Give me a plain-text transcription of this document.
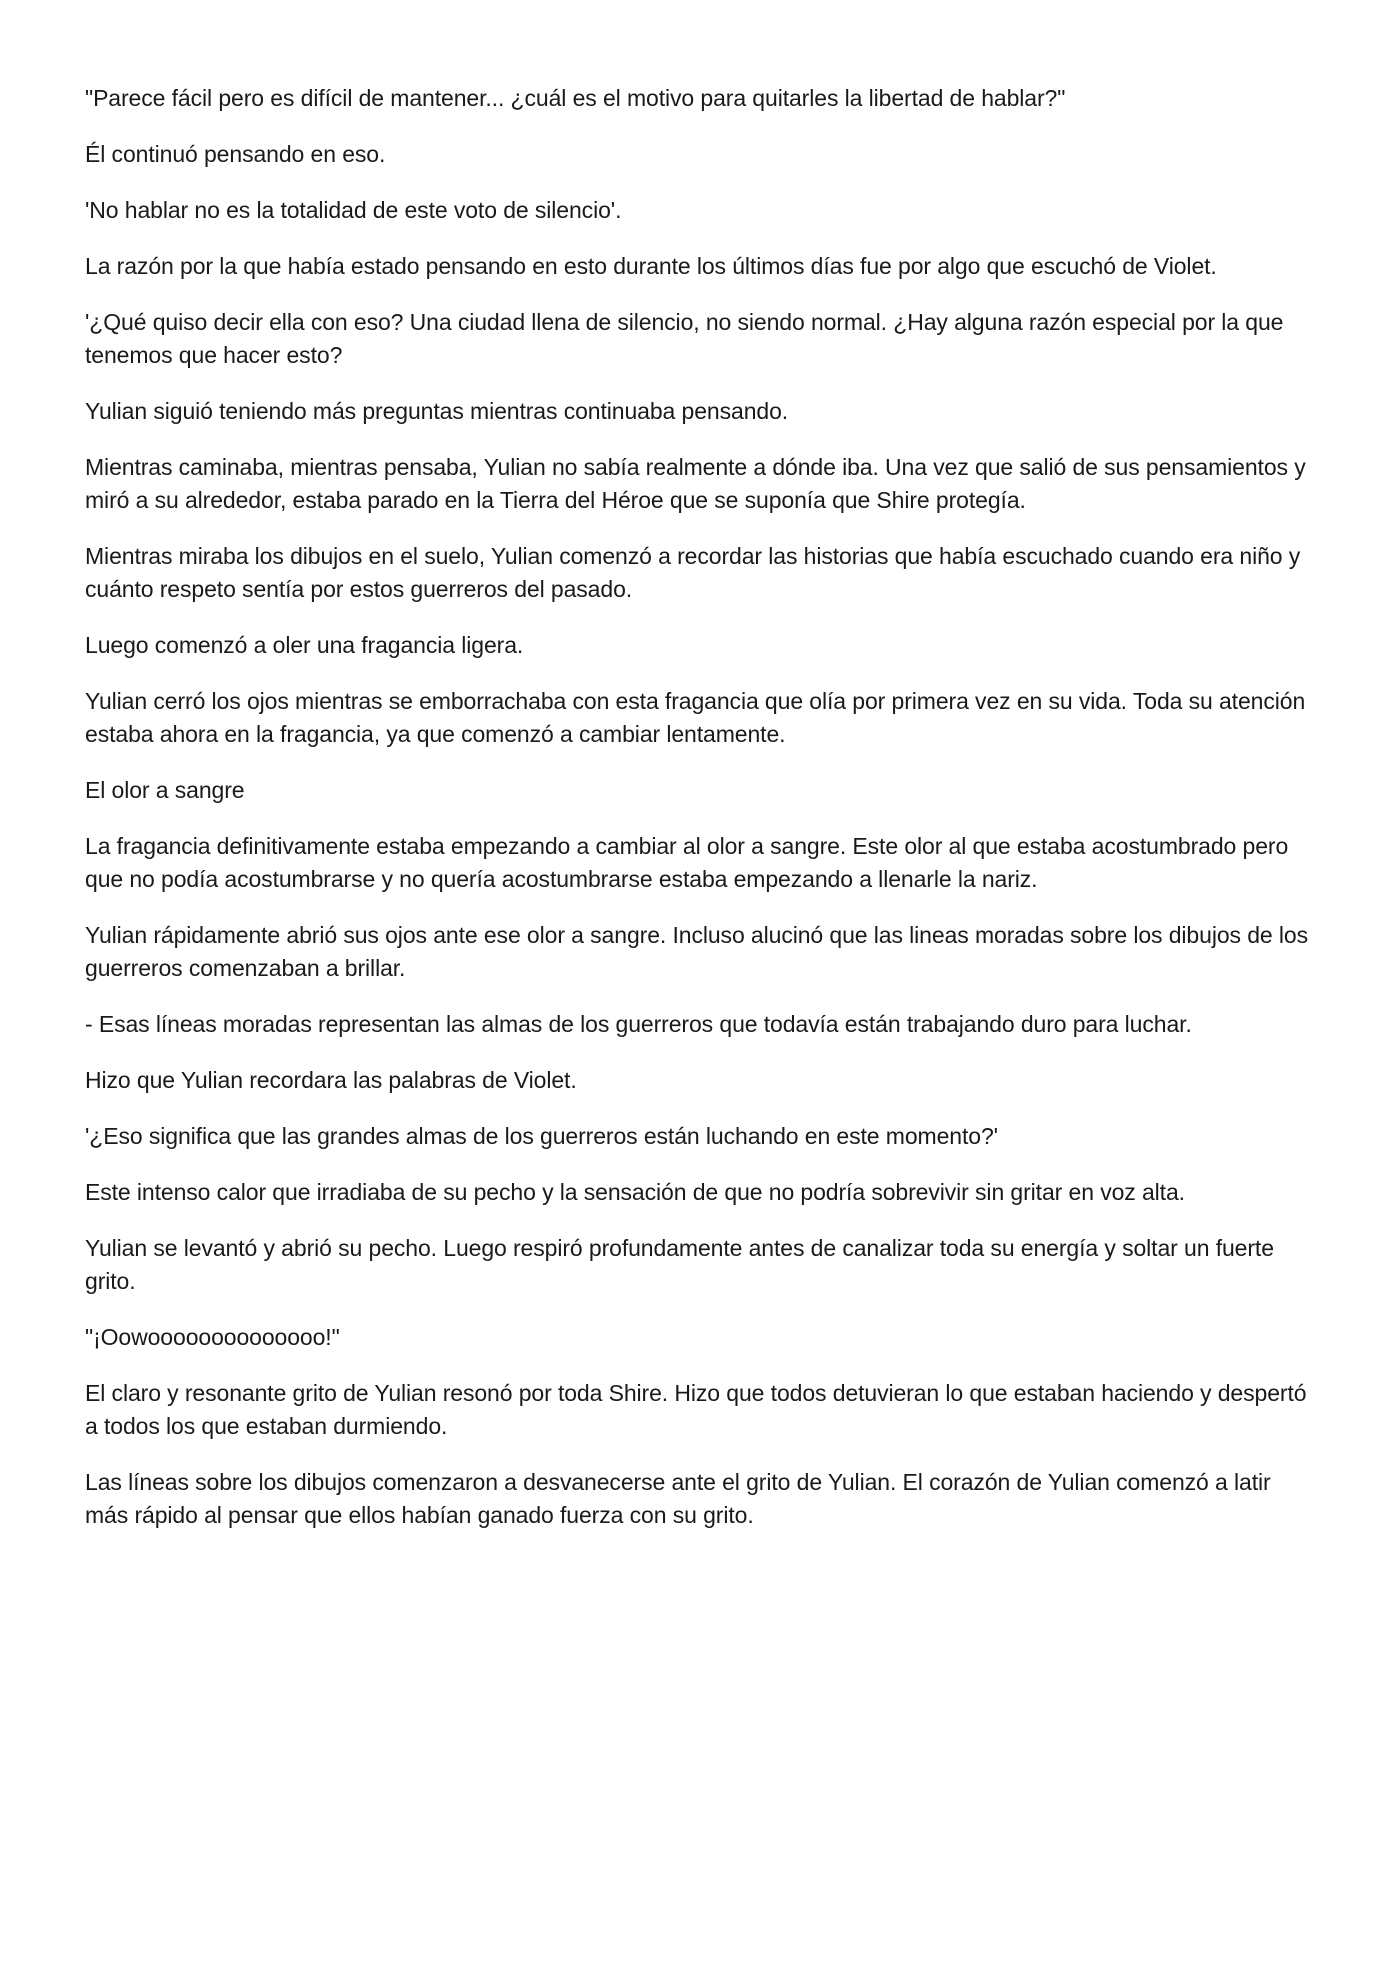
"Parece fácil pero es difícil de mantener... ¿cuál es el motivo para quitarles la libertad de hablar?"

Él continuó pensando en eso.

'No hablar no es la totalidad de este voto de silencio'.

La razón por la que había estado pensando en esto durante los últimos días fue por algo que escuchó de Violet.

'¿Qué quiso decir ella con eso? Una ciudad llena de silencio, no siendo normal. ¿Hay alguna razón especial por la que tenemos que hacer esto?

Yulian siguió teniendo más preguntas mientras continuaba pensando.

Mientras caminaba, mientras pensaba, Yulian no sabía realmente a dónde iba. Una vez que salió de sus pensamientos y miró a su alrededor, estaba parado en la Tierra del Héroe que se suponía que Shire protegía.

Mientras miraba los dibujos en el suelo, Yulian comenzó a recordar las historias que había escuchado cuando era niño y cuánto respeto sentía por estos guerreros del pasado.

Luego comenzó a oler una fragancia ligera.

Yulian cerró los ojos mientras se emborrachaba con esta fragancia que olía por primera vez en su vida. Toda su atención estaba ahora en la fragancia, ya que comenzó a cambiar lentamente.

El olor a sangre

La fragancia definitivamente estaba empezando a cambiar al olor a sangre. Este olor al que estaba acostumbrado pero que no podía acostumbrarse y no quería acostumbrarse estaba empezando a llenarle la nariz.

Yulian rápidamente abrió sus ojos ante ese olor a sangre. Incluso alucinó que las lineas moradas sobre los dibujos de los guerreros comenzaban a brillar.

- Esas líneas moradas representan las almas de los guerreros que todavía están trabajando duro para luchar.

Hizo que Yulian recordara las palabras de Violet.

'¿Eso significa que las grandes almas de los guerreros están luchando en este momento?'

Este intenso calor que irradiaba de su pecho y la sensación de que no podría sobrevivir sin gritar en voz alta.

Yulian se levantó y abrió su pecho. Luego respiró profundamente antes de canalizar toda su energía y soltar un fuerte grito.

"¡Oowoooooooooooooo!"

El claro y resonante grito de Yulian resonó por toda Shire. Hizo que todos detuvieran lo que estaban haciendo y despertó a todos los que estaban durmiendo.

Las líneas sobre los dibujos comenzaron a desvanecerse ante el grito de Yulian. El corazón de Yulian comenzó a latir más rápido al pensar que ellos habían ganado fuerza con su grito.
